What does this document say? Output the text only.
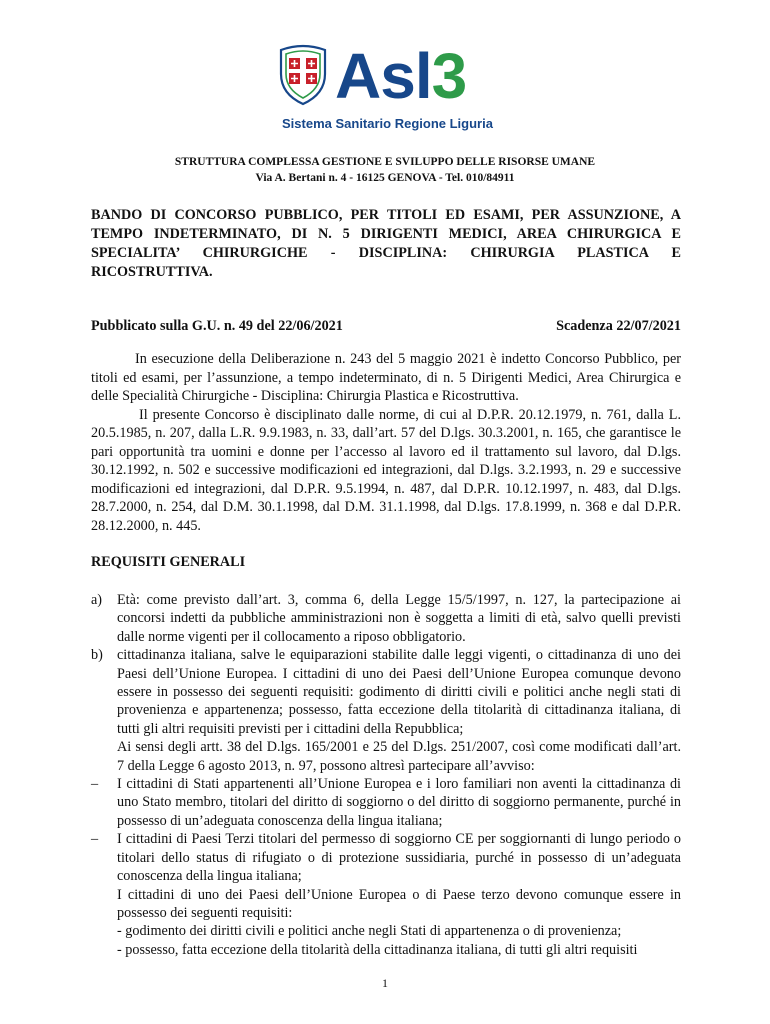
Asl3
Sistema Sanitario Regione Liguria
STRUTTURA COMPLESSA GESTIONE E SVILUPPO DELLE RISORSE UMANE
Via A. Bertani n. 4 - 16125 GENOVA - Tel. 010/84911
BANDO DI CONCORSO PUBBLICO, PER TITOLI ED ESAMI, PER ASSUNZIONE, A TEMPO INDETERMINATO, DI N. 5 DIRIGENTI MEDICI, AREA CHIRURGICA E SPECIALITA’ CHIRURGICHE - DISCIPLINA: CHIRURGIA PLASTICA E RICOSTRUTTIVA.
Pubblicato sulla G.U. n. 49 del 22/06/2021	Scadenza 22/07/2021

In esecuzione della Deliberazione n. 243 del 5 maggio 2021 è indetto Concorso Pubblico, per titoli ed esami, per l’assunzione, a tempo indeterminato, di n. 5 Dirigenti Medici, Area Chirurgica e delle Specialità Chirurgiche - Disciplina: Chirurgia Plastica e Ricostruttiva.

Il presente Concorso è disciplinato dalle norme, di cui al D.P.R. 20.12.1979, n. 761, dalla L. 20.5.1985, n. 207, dalla L.R. 9.9.1983, n. 33, dall’art. 57 del D.lgs. 30.3.2001, n. 165, che garantisce le pari opportunità tra uomini e donne per l’accesso al lavoro ed il trattamento sul lavoro, dal D.lgs. 30.12.1992, n. 502 e successive modificazioni ed integrazioni, dal D.lgs. 3.2.1993, n. 29 e successive modificazioni ed integrazioni, dal D.P.R. 9.5.1994, n. 487, dal D.P.R. 10.12.1997, n. 483, dal D.lgs. 28.7.2000, n. 254, dal D.M. 30.1.1998, dal D.M. 31.1.1998, dal D.lgs. 17.8.1999, n. 368 e dal D.P.R. 28.12.2000, n. 445.

REQUISITI GENERALI
a) Età: come previsto dall’art. 3, comma 6, della Legge 15/5/1997, n. 127, la partecipazione ai concorsi indetti da pubbliche amministrazioni non è soggetta a limiti di età, salvo quelli previsti dalle norme vigenti per il collocamento a riposo obbligatorio.
b) cittadinanza italiana, salve le equiparazioni stabilite dalle leggi vigenti, o cittadinanza di uno dei Paesi dell’Unione Europea. I cittadini di uno dei Paesi dell’Unione Europea comunque devono essere in possesso dei seguenti requisiti: godimento di diritti civili e politici anche negli stati di provenienza e appartenenza; possesso, fatta eccezione della titolarità di cittadinanza italiana, di tutti gli altri requisiti previsti per i cittadini della Repubblica;
Ai sensi degli artt. 38 del D.lgs. 165/2001 e 25 del D.lgs. 251/2007, così come modificati dall’art. 7 della Legge 6 agosto 2013, n. 97, possono altresì partecipare all’avviso:
– I cittadini di Stati appartenenti all’Unione Europea e i loro familiari non aventi la cittadinanza di uno Stato membro, titolari del diritto di soggiorno o del diritto di soggiorno permanente, purché in possesso di un’adeguata conoscenza della lingua italiana;
– I cittadini di Paesi Terzi titolari del permesso di soggiorno CE per soggiornanti di lungo periodo o titolari dello status di rifugiato o di protezione sussidiaria, purché in possesso di un’adeguata conoscenza della lingua italiana;
I cittadini di uno dei Paesi dell’Unione Europea o di Paese terzo devono comunque essere in possesso dei seguenti requisiti:
- godimento dei diritti civili e politici anche negli Stati di appartenenza o di provenienza;
- possesso, fatta eccezione della titolarità della cittadinanza italiana, di tutti gli altri requisiti
1
